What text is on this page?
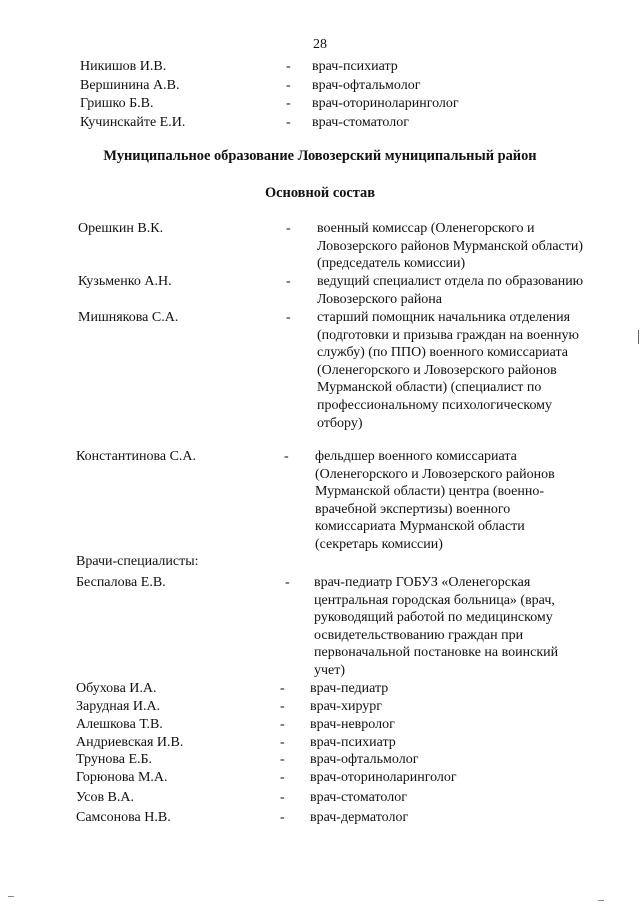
28
Никишов И.В.	- врач-психиатр
Вершинина А.В.	- врач-офтальмолог
Гришко Б.В.	- врач-оториноларинголог
Кучинскайте Е.И.	- врач-стоматолог
Муниципальное образование Ловозерский муниципальный район
Основной состав
Орешкин В.К.	- военный комиссар (Оленегорского и Ловозерского районов Мурманской области) (председатель комиссии)
Кузьменко А.Н.	- ведущий специалист отдела по образованию Ловозерского района
Мишнякова С.А.	- старший помощник начальника отделения (подготовки и призыва граждан на военную службу) (по ППО) военного комиссариата (Оленегорского и Ловозерского районов Мурманской области) (специалист по профессиональному психологическому отбору)
Константинова С.А.	- фельдшер военного комиссариата (Оленегорского и Ловозерского районов Мурманской области) центра (военно-врачебной экспертизы) военного комиссариата Мурманской области (секретарь комиссии)
Врачи-специалисты:
Беспалова Е.В.	- врач-педиатр ГОБУЗ «Оленегорская центральная городская больница» (врач, руководящий работой по медицинскому освидетельствованию граждан при первоначальной постановке на воинский учет)
Обухова И.А.	- врач-педиатр
Зарудная И.А.	- врач-хирург
Алешкова Т.В.	- врач-невролог
Андриевская И.В.	- врач-психиатр
Трунова Е.Б.	- врач-офтальмолог
Горюнова М.А.	- врач-оториноларинголог
Усов В.А.	- врач-стоматолог
Самсонова Н.В.	- врач-дерматолог
